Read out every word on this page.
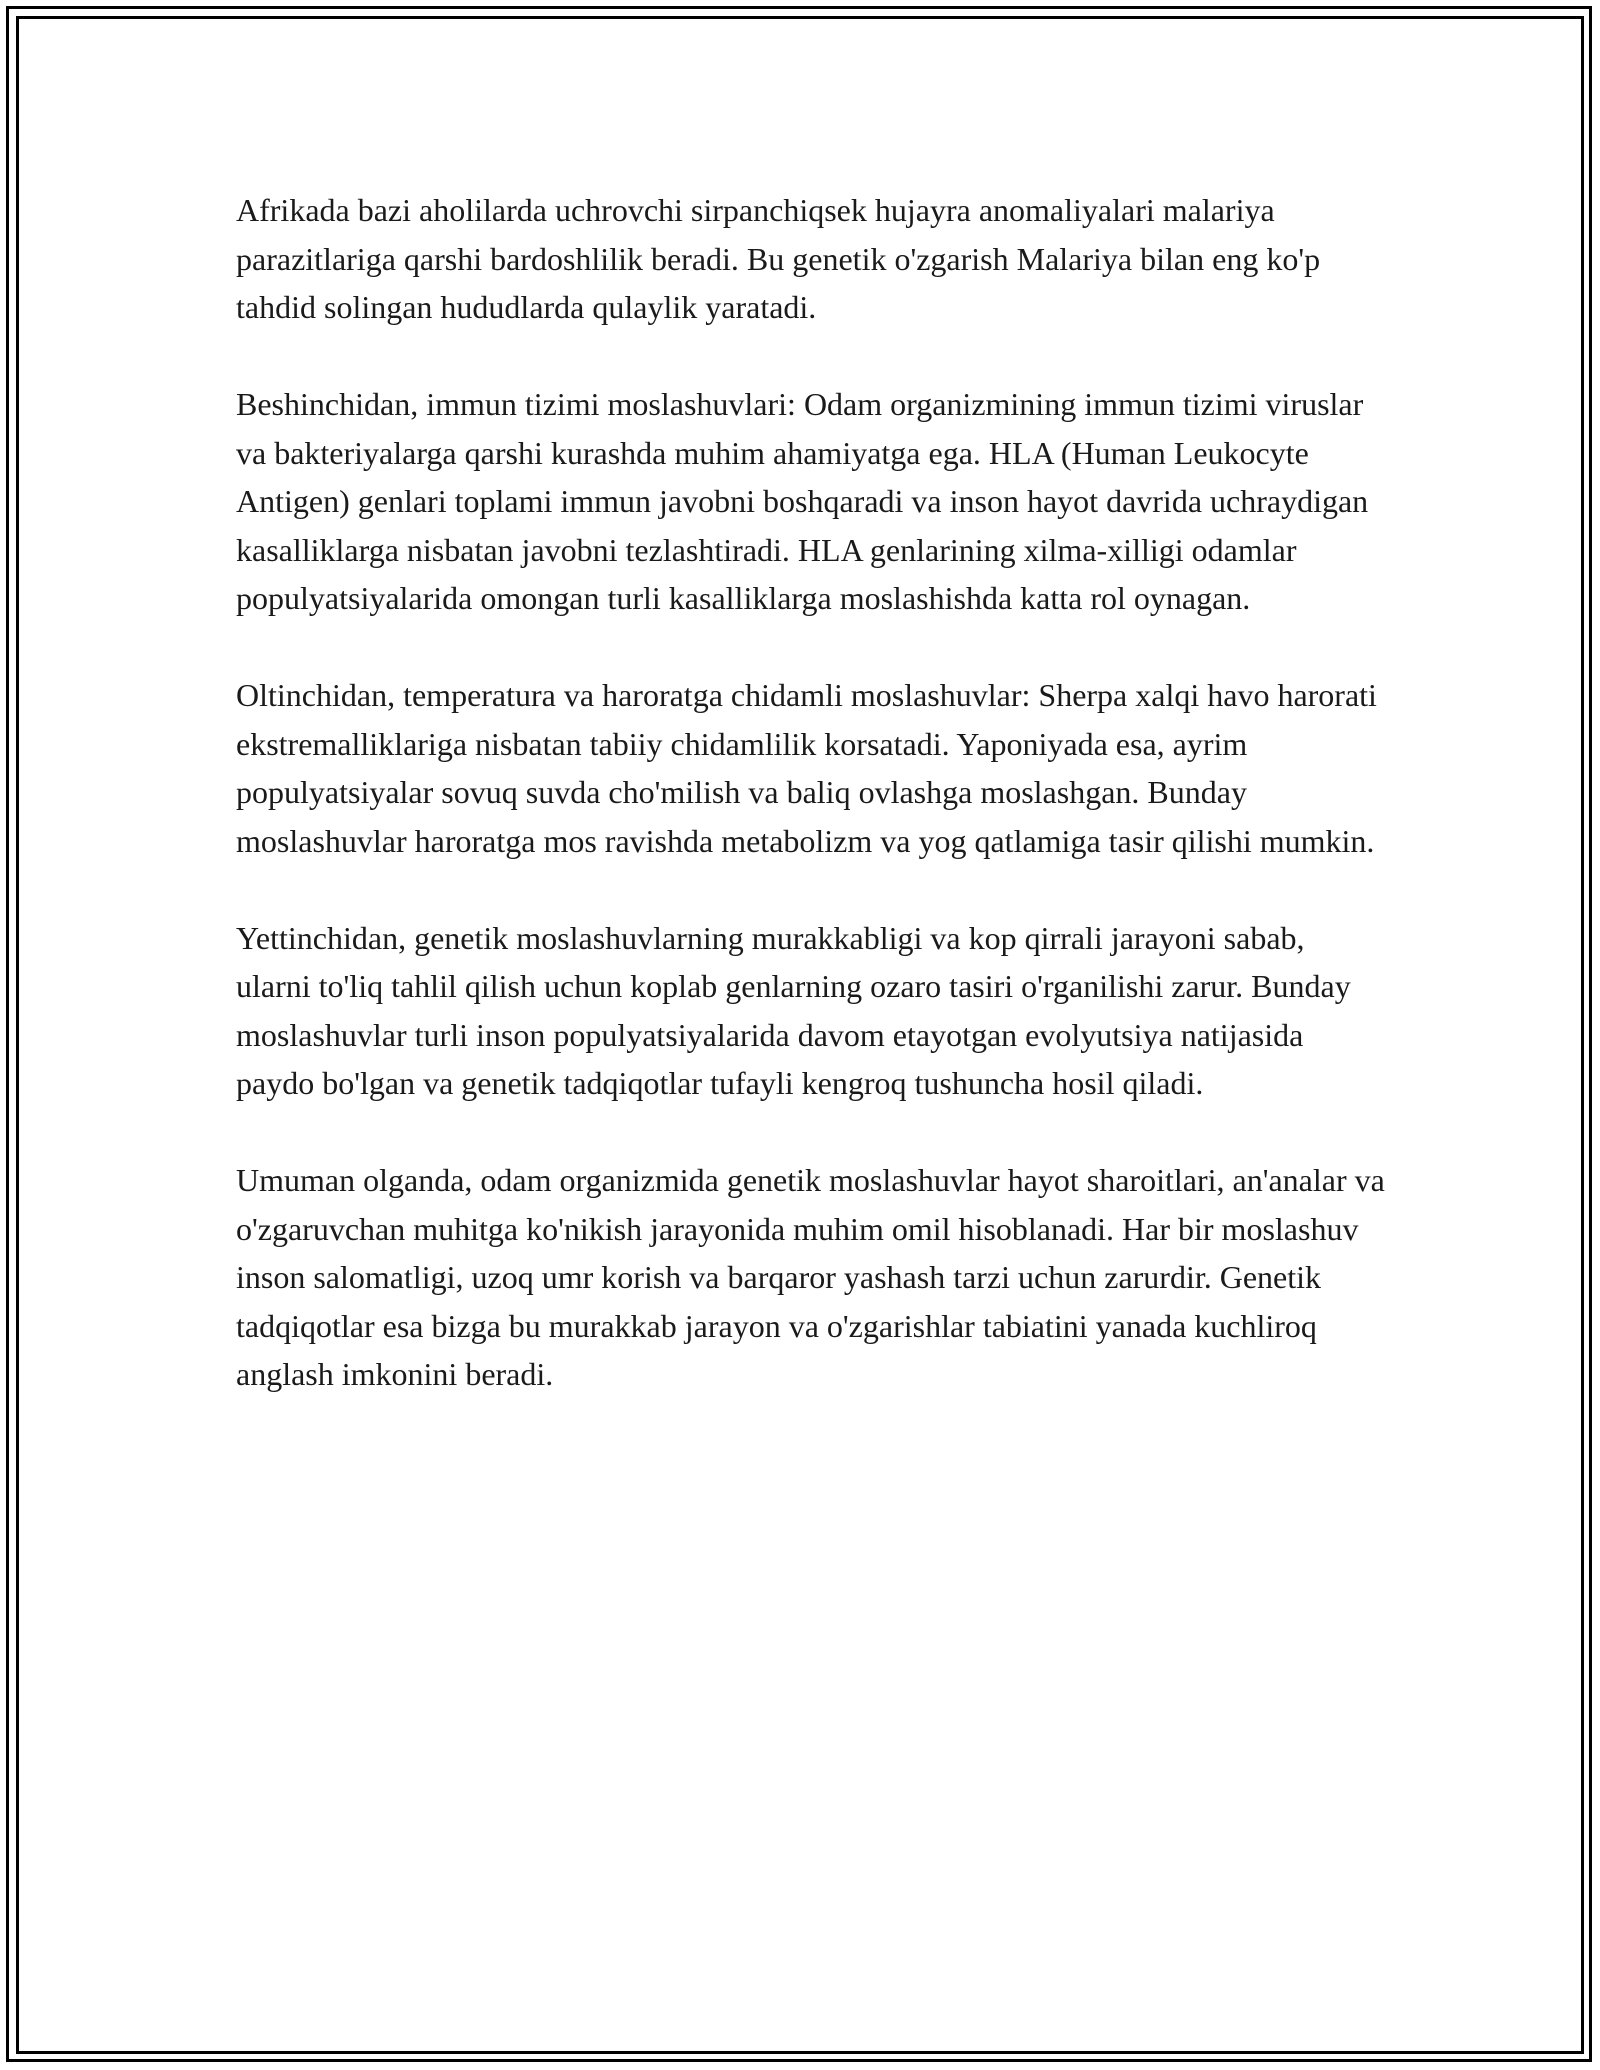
Afrikada bazi aholilarda uchrovchi sirpanchiqsek hujayra anomaliyalari malariya parazitlariga qarshi bardoshlilik beradi. Bu genetik o'zgarish Malariya bilan eng ko'p tahdid solingan hududlarda qulaylik yaratadi.

Beshinchidan, immun tizimi moslashuvlari: Odam organizmining immun tizimi viruslar va bakteriyalarga qarshi kurashda muhim ahamiyatga ega. HLA (Human Leukocyte Antigen) genlari toplami immun javobni boshqaradi va inson hayot davrida uchraydigan kasalliklarga nisbatan javobni tezlashtiradi. HLA genlarining xilma-xilligi odamlar populyatsiyalarida omongan turli kasalliklarga moslashishda katta rol oynagan.

Oltinchidan, temperatura va haroratga chidamli moslashuvlar: Sherpa xalqi havo harorati ekstremalliklariga nisbatan tabiiy chidamlilik korsatadi. Yaponiyada esa, ayrim populyatsiyalar sovuq suvda cho'milish va baliq ovlashga moslashgan. Bunday moslashuvlar haroratga mos ravishda metabolizm va yog qatlamiga tasir qilishi mumkin.

Yettinchidan, genetik moslashuvlarning murakkabligi va kop qirrali jarayoni sabab, ularni to'liq tahlil qilish uchun koplab genlarning ozaro tasiri o'rganilishi zarur. Bunday moslashuvlar turli inson populyatsiyalarida davom etayotgan evolyutsiya natijasida paydo bo'lgan va genetik tadqiqotlar tufayli kengroq tushuncha hosil qiladi.

Umuman olganda, odam organizmida genetik moslashuvlar hayot sharoitlari, an'analar va o'zgaruvchan muhitga ko'nikish jarayonida muhim omil hisoblanadi. Har bir moslashuv inson salomatligi, uzoq umr korish va barqaror yashash tarzi uchun zarurdir. Genetik tadqiqotlar esa bizga bu murakkab jarayon va o'zgarishlar tabiatini yanada kuchliroq anglash imkonini beradi.
